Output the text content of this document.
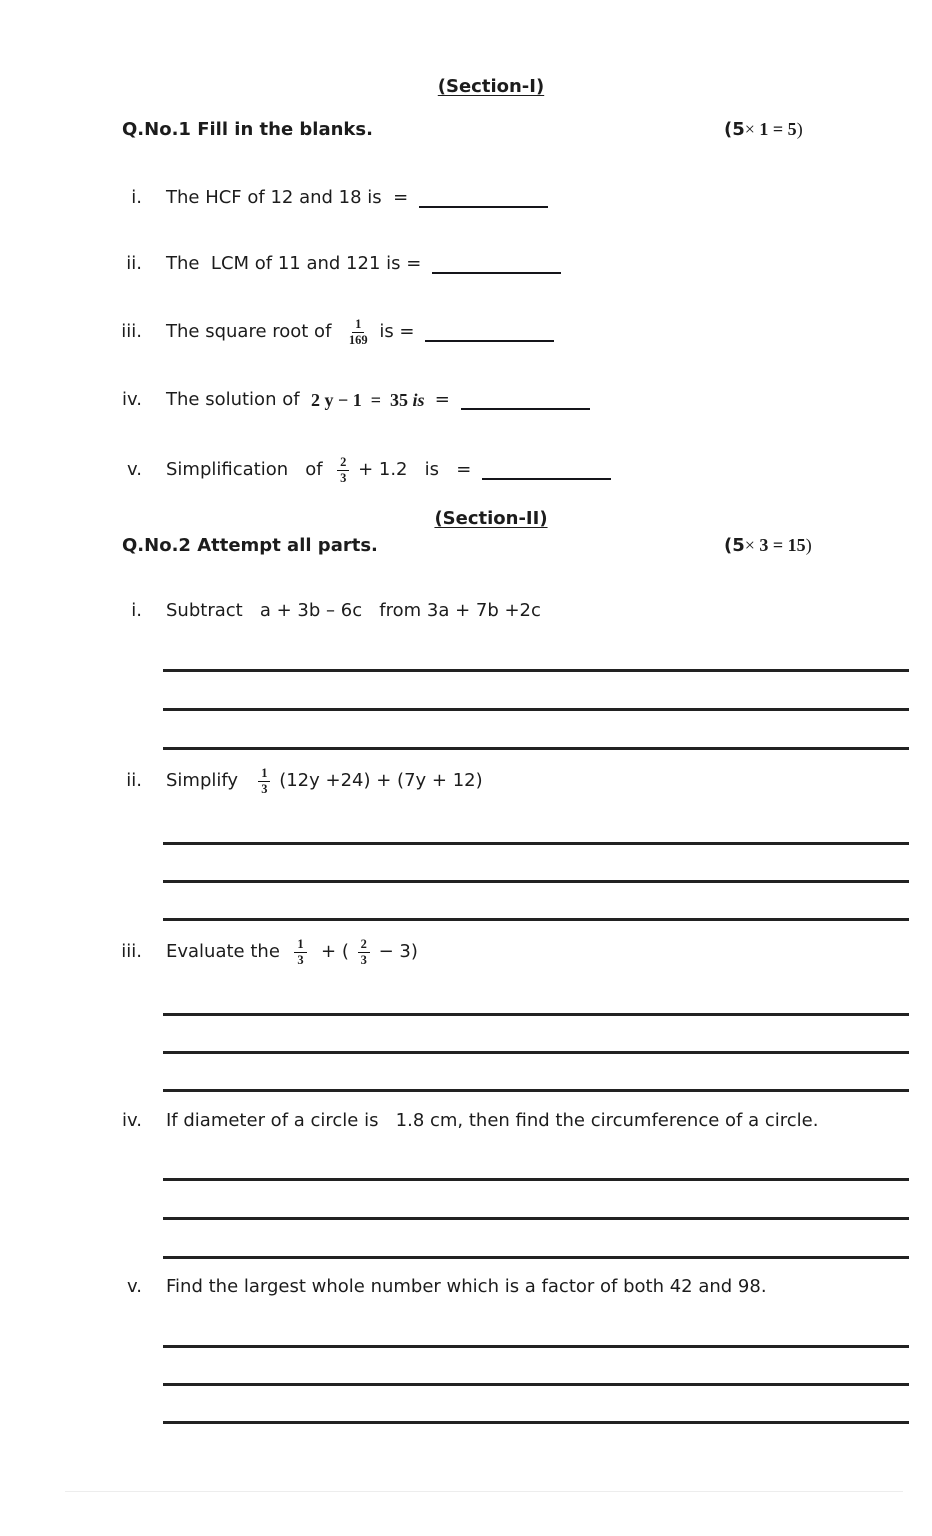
(Section-I)
Q.No.1 Fill in the blanks.	(5× 1 = 5)
i. The HCF of 12 and 18 is  =
ii. The  LCM of 11 and 121 is =
iii. The square root of $\frac{1}{169}$ is =
iv. The solution of 2 y − 1  =  35 is =
v. Simplification   of $\frac{2}{3} + 1.2$   is   =
(Section-II)
Q.No.2 Attempt all parts.	(5× 3 = 15)
i. Subtract   a + 3b – 6c   from 3a + 7b +2c
ii. Simplify $\frac{1}{3} (12y +24) + (7y + 12)$
iii. Evaluate the $\frac{1}{3}$ + ( $\frac{2}{3} - 3$)
iv. If diameter of a circle is   1.8 cm, then find the circumference of a circle.
v. Find the largest whole number which is a factor of both 42 and 98.
